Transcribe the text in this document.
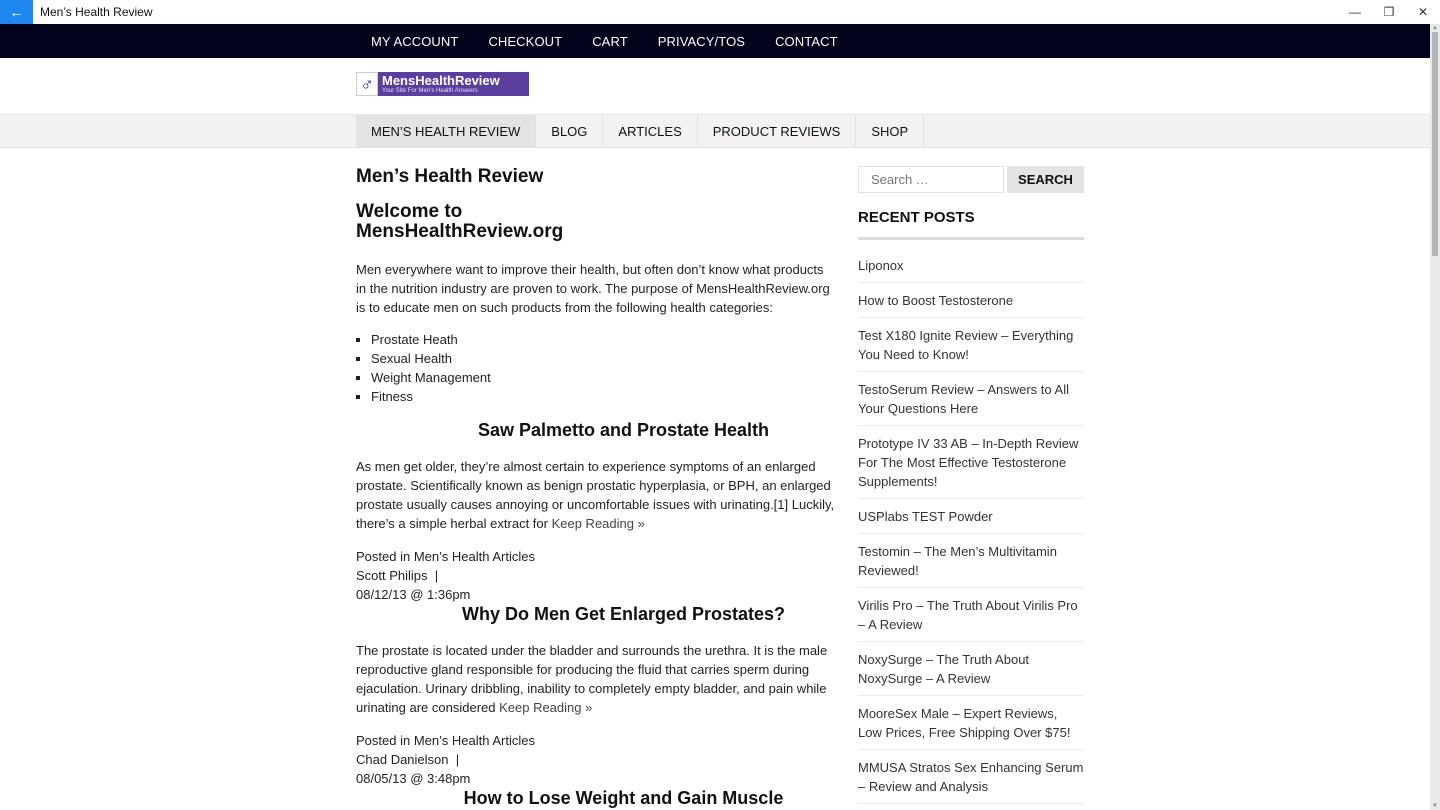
← Men’s Health Review	— ❐ ✕
MY ACCOUNT	CHECKOUT	CART	PRIVACY/TOS	CONTACT
♂ MensHealthReview
Your Site For Men’s Health Answers
MEN’S HEALTH REVIEW	BLOG	ARTICLES	PRODUCT REVIEWS	SHOP
Men’s Health Review
Welcome to
MensHealthReview.org

Men everywhere want to improve their health, but often don’t know what products in the nutrition industry are proven to work. The purpose of MensHealthReview.org is to educate men on such products from the following health categories:

▪ Prostate Heath
▪ Sexual Health
▪ Weight Management
▪ Fitness
Saw Palmetto and Prostate Health

As men get older, they’re almost certain to experience symptoms of an enlarged prostate. Scientifically known as benign prostatic hyperplasia, or BPH, an enlarged prostate usually causes annoying or uncomfortable issues with urinating.[1] Luckily, there’s a simple herbal extract for Keep Reading »

Posted in Men’s Health Articles
Scott Philips  |
08/12/13 @ 1:36pm
Why Do Men Get Enlarged Prostates?

The prostate is located under the bladder and surrounds the urethra. It is the male reproductive gland responsible for producing the fluid that carries sperm during ejaculation. Urinary dribbling, inability to completely empty bladder, and pain while urinating are considered Keep Reading »

Posted in Men’s Health Articles
Chad Danielson  |
08/05/13 @ 3:48pm
How to Lose Weight and Gain Muscle
Search …
SEARCH
RECENT POSTS
Liponox
How to Boost Testosterone
Test X180 Ignite Review – Everything You Need to Know!
TestoSerum Review – Answers to All Your Questions Here
Prototype IV 33 AB – In-Depth Review For The Most Effective Testosterone Supplements!
USPlabs TEST Powder
Testomin – The Men’s Multivitamin Reviewed!
Virilis Pro – The Truth About Virilis Pro – A Review
NoxySurge – The Truth About NoxySurge – A Review
MooreSex Male – Expert Reviews, Low Prices, Free Shipping Over $75!
MMUSA Stratos Sex Enhancing Serum – Review and Analysis
▲
▼
